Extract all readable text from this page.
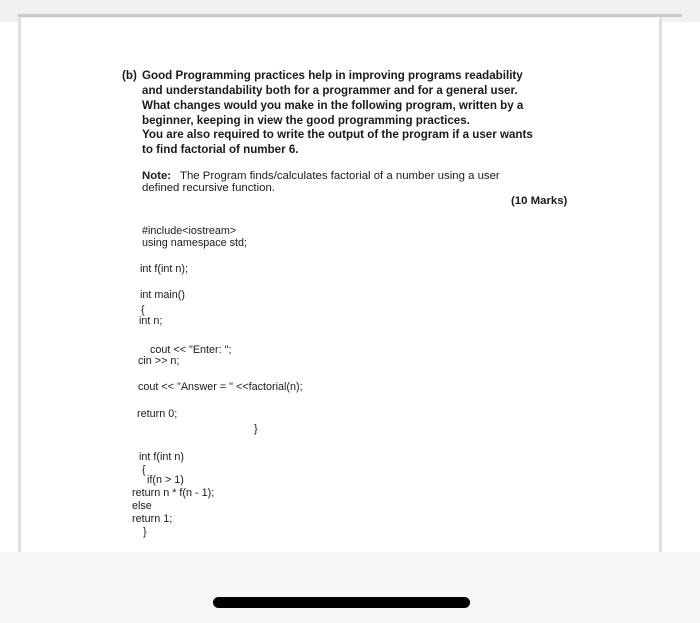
(b) Good Programming practices help in improving programs readability
and understandability both for a programmer and for a general user.
What changes would you make in the following program, written by a
beginner, keeping in view the good programming practices.
You are also required to write the output of the program if a user wants
to find factorial of number 6.
Note: The Program finds/calculates factorial of a number using a user
defined recursive function.
(10 Marks)
#include<iostream>
using namespace std;
int f(int n);
int main()
{
int n;
cout << "Enter: ";
cin >> n;
cout << "Answer = " <<factorial(n);
return 0;
}
int f(int n)
{
if(n > 1)
return n * f(n - 1);
else
return 1;
}
